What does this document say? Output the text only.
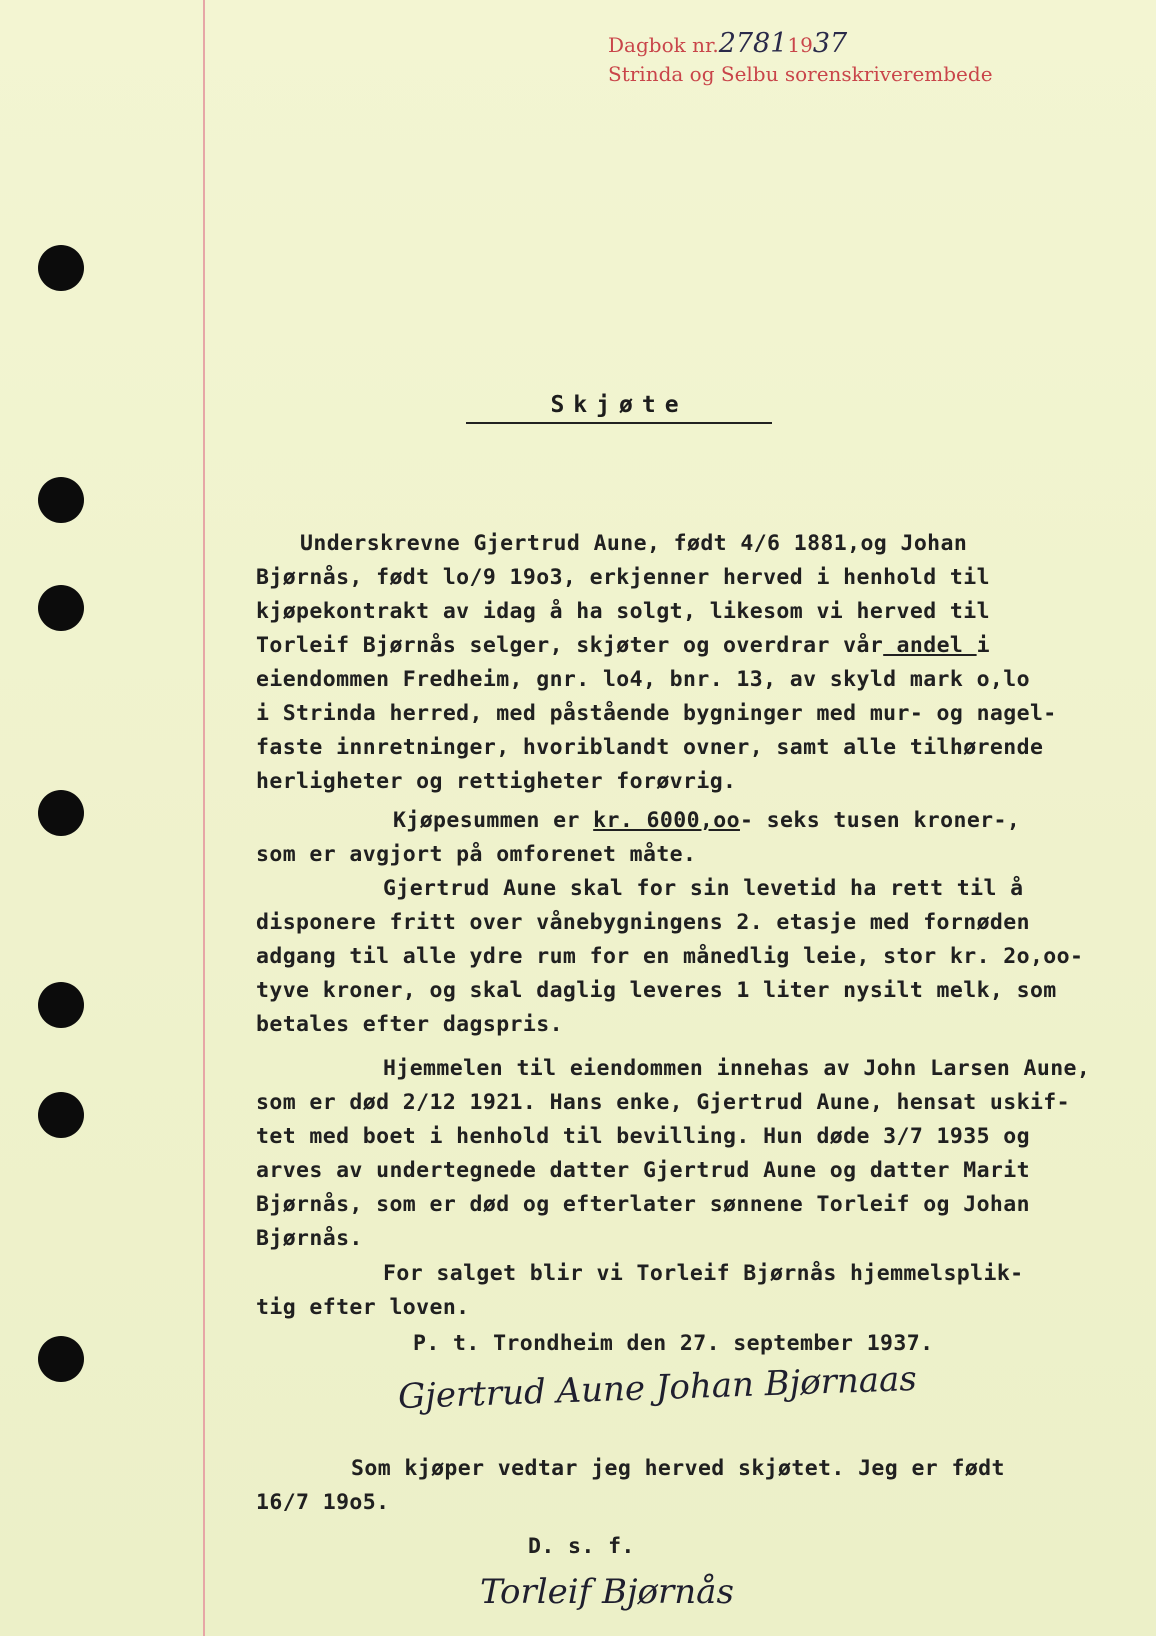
Dagbok nr.27811937
Strinda og Selbu sorenskriverembede
Skjøte
Underskrevne Gjertrud Aune, født 4/6 1881,og Johan
Bjørnås, født lo/9 19o3, erkjenner herved i henhold til
kjøpekontrakt av idag å ha solgt, likesom vi herved til
Torleif Bjørnås selger, skjøter og overdrar vår andel i
eiendommen Fredheim, gnr. lo4, bnr. 13, av skyld mark o,lo
i Strinda herred, med påstående bygninger med mur- og nagel-
faste innretninger, hvoriblandt ovner, samt alle tilhørende
herligheter og rettigheter forøvrig.
Kjøpesummen er kr. 6000,oo- seks tusen kroner-,
som er avgjort på omforenet måte.
Gjertrud Aune skal for sin levetid ha rett til å
disponere fritt over vånebygningens 2. etasje med fornøden
adgang til alle ydre rum for en månedlig leie, stor kr. 2o,oo-
tyve kroner, og skal daglig leveres 1 liter nysilt melk, som
betales efter dagspris.
Hjemmelen til eiendommen innehas av John Larsen Aune,
som er død 2/12 1921. Hans enke, Gjertrud Aune, hensat uskif-
tet med boet i henhold til bevilling. Hun døde 3/7 1935 og
arves av undertegnede datter Gjertrud Aune og datter Marit
Bjørnås, som er død og efterlater sønnene Torleif og Johan
Bjørnås.
For salget blir vi Torleif Bjørnås hjemmelsplik-
tig efter loven.
P. t. Trondheim den 27. september 1937.
Gjertrud Aune Johan Bjørnaas
Som kjøper vedtar jeg herved skjøtet. Jeg er født
16/7 19o5.
D. s. f.
Torleif Bjørnås
